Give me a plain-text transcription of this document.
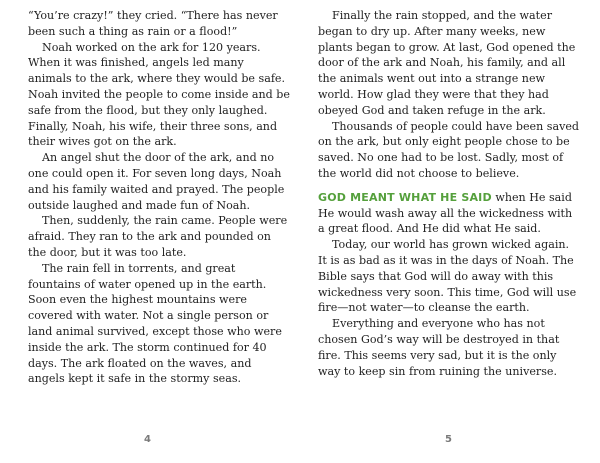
“You’re crazy!” they cried. “There has never been such a thing as rain or a flood!”

Noah worked on the ark for 120 years. When it was finished, angels led many animals to the ark, where they would be safe. Noah invited the people to come inside and be safe from the flood, but they only laughed. Finally, Noah, his wife, their three sons, and their wives got on the ark.

An angel shut the door of the ark, and no one could open it. For seven long days, Noah and his family waited and prayed. The people outside laughed and made fun of Noah.

Then, suddenly, the rain came. People were afraid. They ran to the ark and pounded on the door, but it was too late.

The rain fell in torrents, and great fountains of water opened up in the earth. Soon even the highest mountains were covered with water. Not a single person or land animal survived, except those who were inside the ark. The storm continued for 40 days. The ark floated on the waves, and angels kept it safe in the stormy seas.

4

Finally the rain stopped, and the water began to dry up. After many weeks, new plants began to grow. At last, God opened the door of the ark and Noah, his family, and all the animals went out into a strange new world. How glad they were that they had obeyed God and taken refuge in the ark.

Thousands of people could have been saved on the ark, but only eight people chose to be saved. No one had to be lost. Sadly, most of the world did not choose to believe.

GOD MEANT WHAT HE SAID when He said He would wash away all the wickedness with a great flood. And He did what He said.

Today, our world has grown wicked again. It is as bad as it was in the days of Noah. The Bible says that God will do away with this wickedness very soon. This time, God will use fire—not water—to cleanse the earth.

Everything and everyone who has not chosen God’s way will be destroyed in that fire. This seems very sad, but it is the only way to keep sin from ruining the universe.

5
